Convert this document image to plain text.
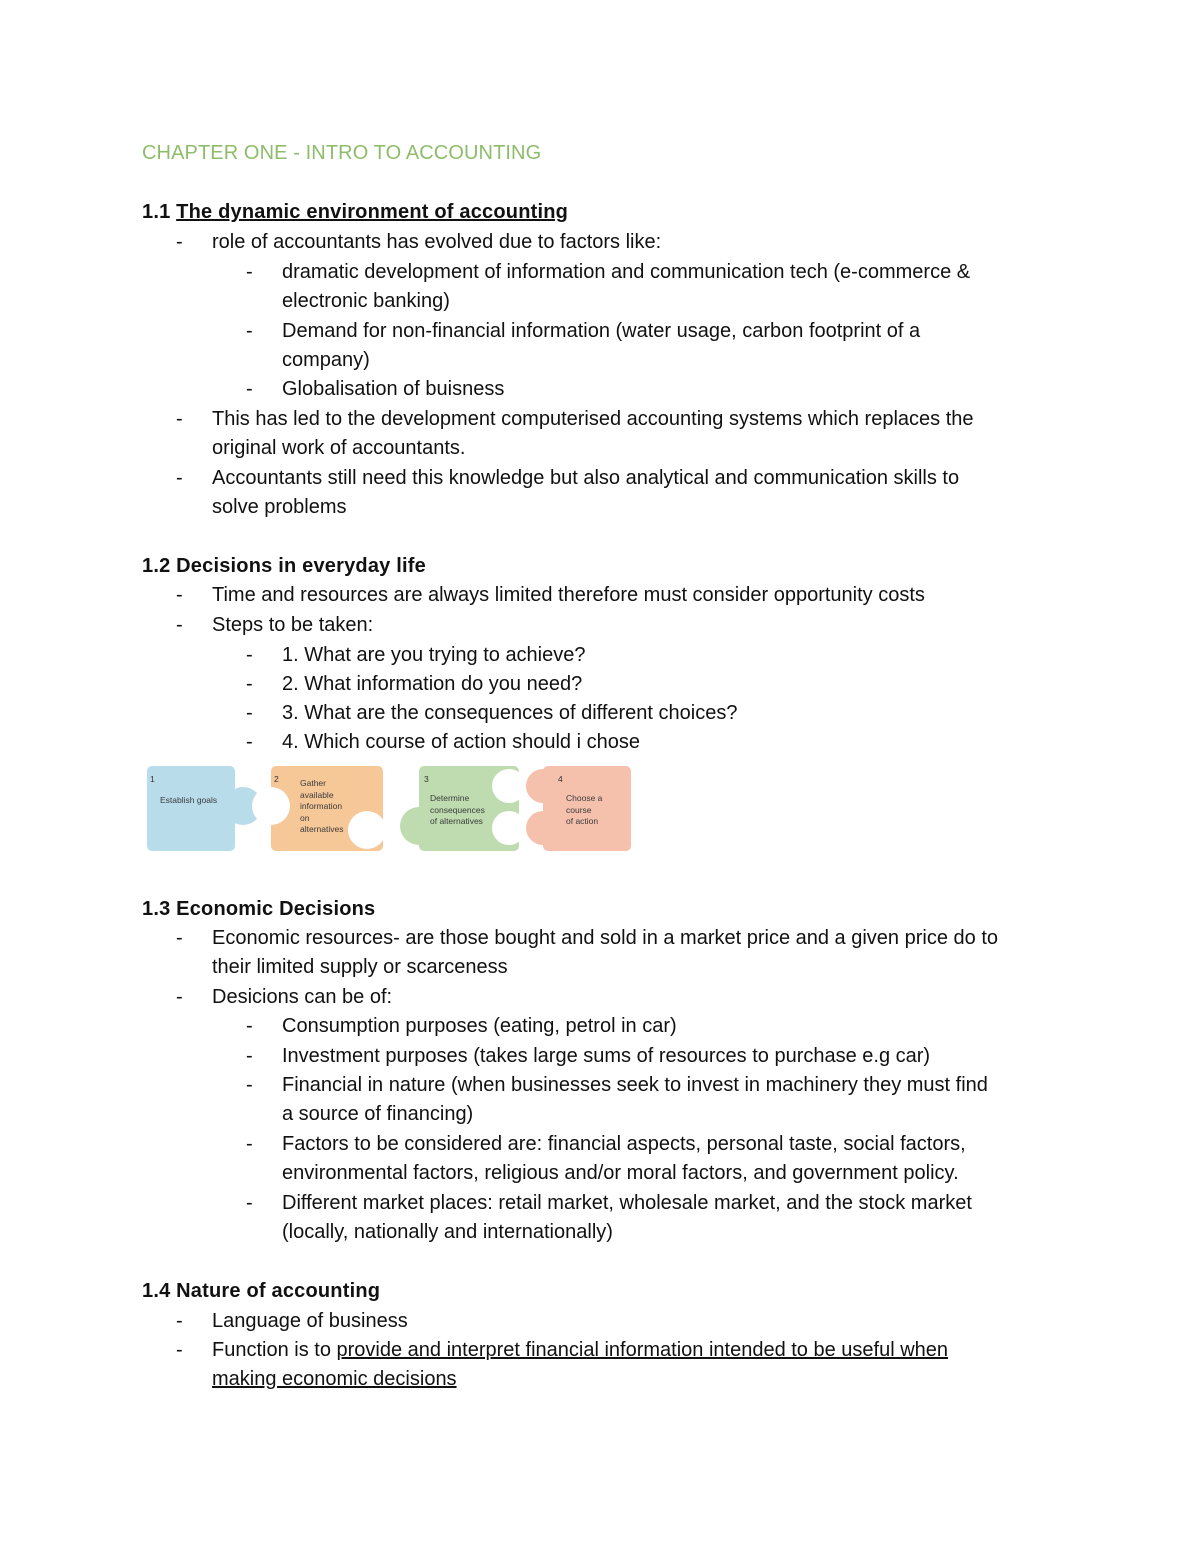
CHAPTER ONE - INTRO TO ACCOUNTING
1.1 The dynamic environment of accounting
- role of accountants has evolved due to factors like:
- dramatic development of information and communication tech (e-commerce &
electronic banking)
- Demand for non-financial information (water usage, carbon footprint of a
company)
- Globalisation of buisness
- This has led to the development computerised accounting systems which replaces the
original work of accountants.
- Accountants still need this knowledge but also analytical and communication skills to
solve problems
1.2 Decisions in everyday life
- Time and resources are always limited therefore must consider opportunity costs
- Steps to be taken:
- 1. What are you trying to achieve?
- 2. What information do you need?
- 3. What are the consequences of different choices?
- 4. Which course of action should i chose
1
Establish goals
2	Gather
available
information
on
alternatives
3
Determine
consequences
of alternatives
4
Choose a
course
of action
1.3 Economic Decisions
- Economic resources- are those bought and sold in a market price and a given price do to
their limited supply or scarceness
- Desicions can be of:
- Consumption purposes (eating, petrol in car)
- Investment purposes (takes large sums of resources to purchase e.g car)
- Financial in nature (when businesses seek to invest in machinery they must find
a source of financing)
- Factors to be considered are: financial aspects, personal taste, social factors,
environmental factors, religious and/or moral factors, and government policy.
- Different market places: retail market, wholesale market, and the stock market
(locally, nationally and internationally)
1.4 Nature of accounting
- Language of business
- Function is to provide and interpret financial information intended to be useful when
making economic decisions
